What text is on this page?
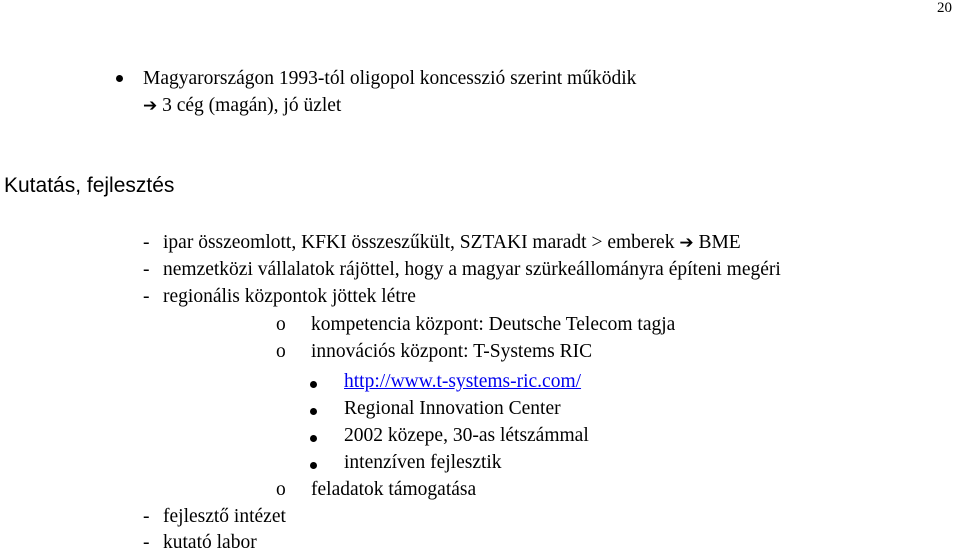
20
Magyarországon 1993-tól oligopol koncesszió szerint működik
➔ 3 cég (magán), jó üzlet
Kutatás, fejlesztés
- ipar összeomlott, KFKI összeszűkült, SZTAKI maradt > emberek ➔ BME
- nemzetközi vállalatok rájöttel, hogy a magyar szürkeállományra építeni megéri
- regionális központok jöttek létre
o kompetencia központ: Deutsche Telecom tagja
o innovációs központ: T-Systems RIC
http://www.t-systems-ric.com/
Regional Innovation Center
2002 közepe, 30-as létszámmal
intenzíven fejlesztik
o feladatok támogatása
- fejlesztő intézet
- kutató labor
